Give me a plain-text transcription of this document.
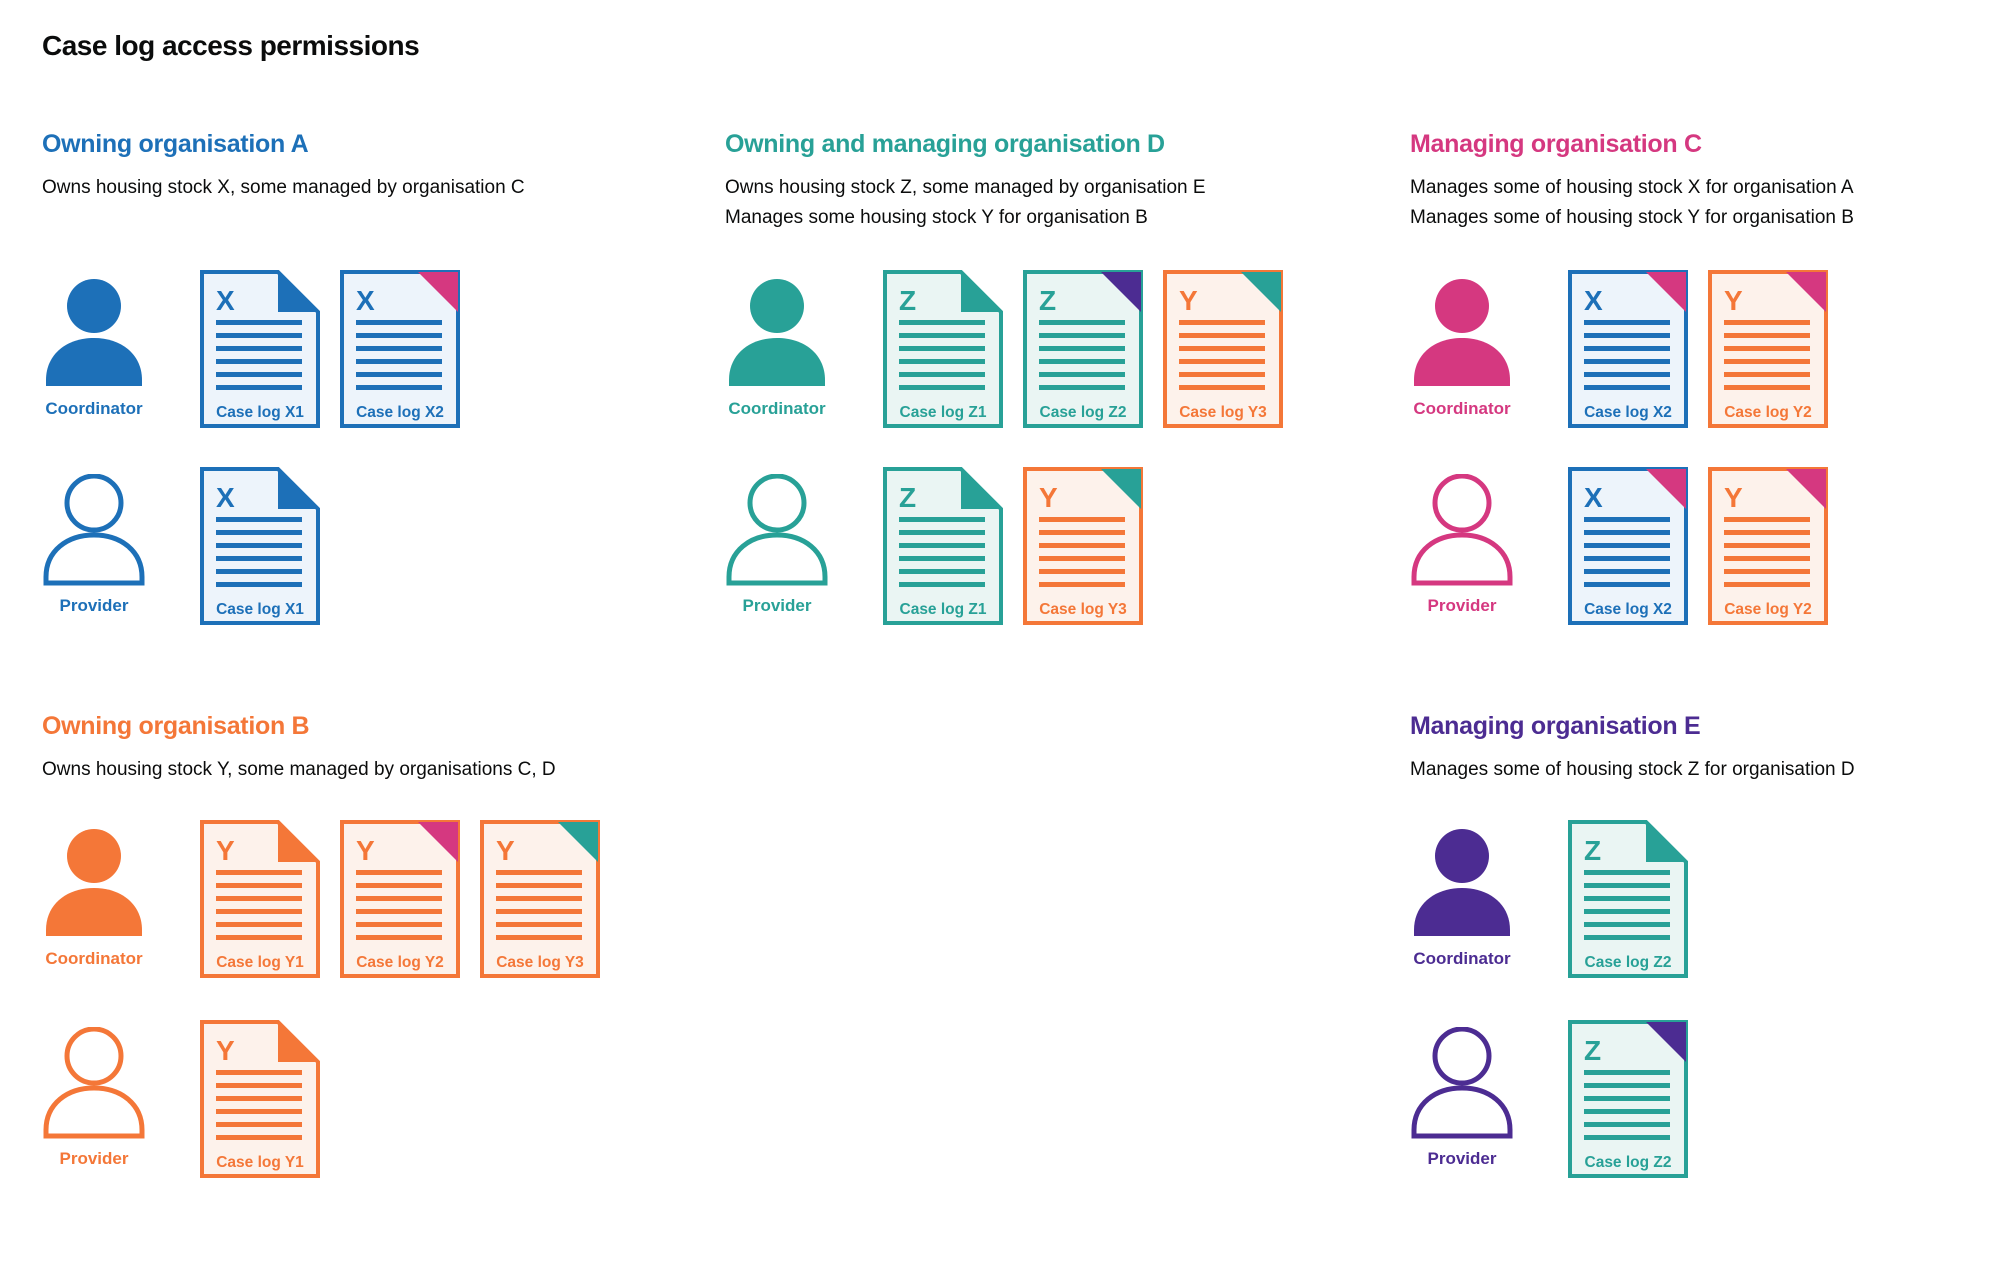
Case log access permissions
Owning organisation A
Owns housing stock X, some managed by organisation C
Coordinator
X
Case log X1
X
Case log X2
Provider
X
Case log X1
Owning and managing organisation D
Owns housing stock Z, some managed by organisation E
Manages some housing stock Y for organisation B
Coordinator
Z
Case log Z1
Z
Case log Z2
Y
Case log Y3
Provider
Z
Case log Z1
Y
Case log Y3
Managing organisation C
Manages some of housing stock X for organisation A
Manages some of housing stock Y for organisation B
Coordinator
X
Case log X2
Y
Case log Y2
Provider
X
Case log X2
Y
Case log Y2
Owning organisation B
Owns housing stock Y, some managed by organisations C, D
Coordinator
Y
Case log Y1
Y
Case log Y2
Y
Case log Y3
Provider
Y
Case log Y1
Managing organisation E
Manages some of housing stock Z for organisation D
Coordinator
Z
Case log Z2
Provider
Z
Case log Z2
